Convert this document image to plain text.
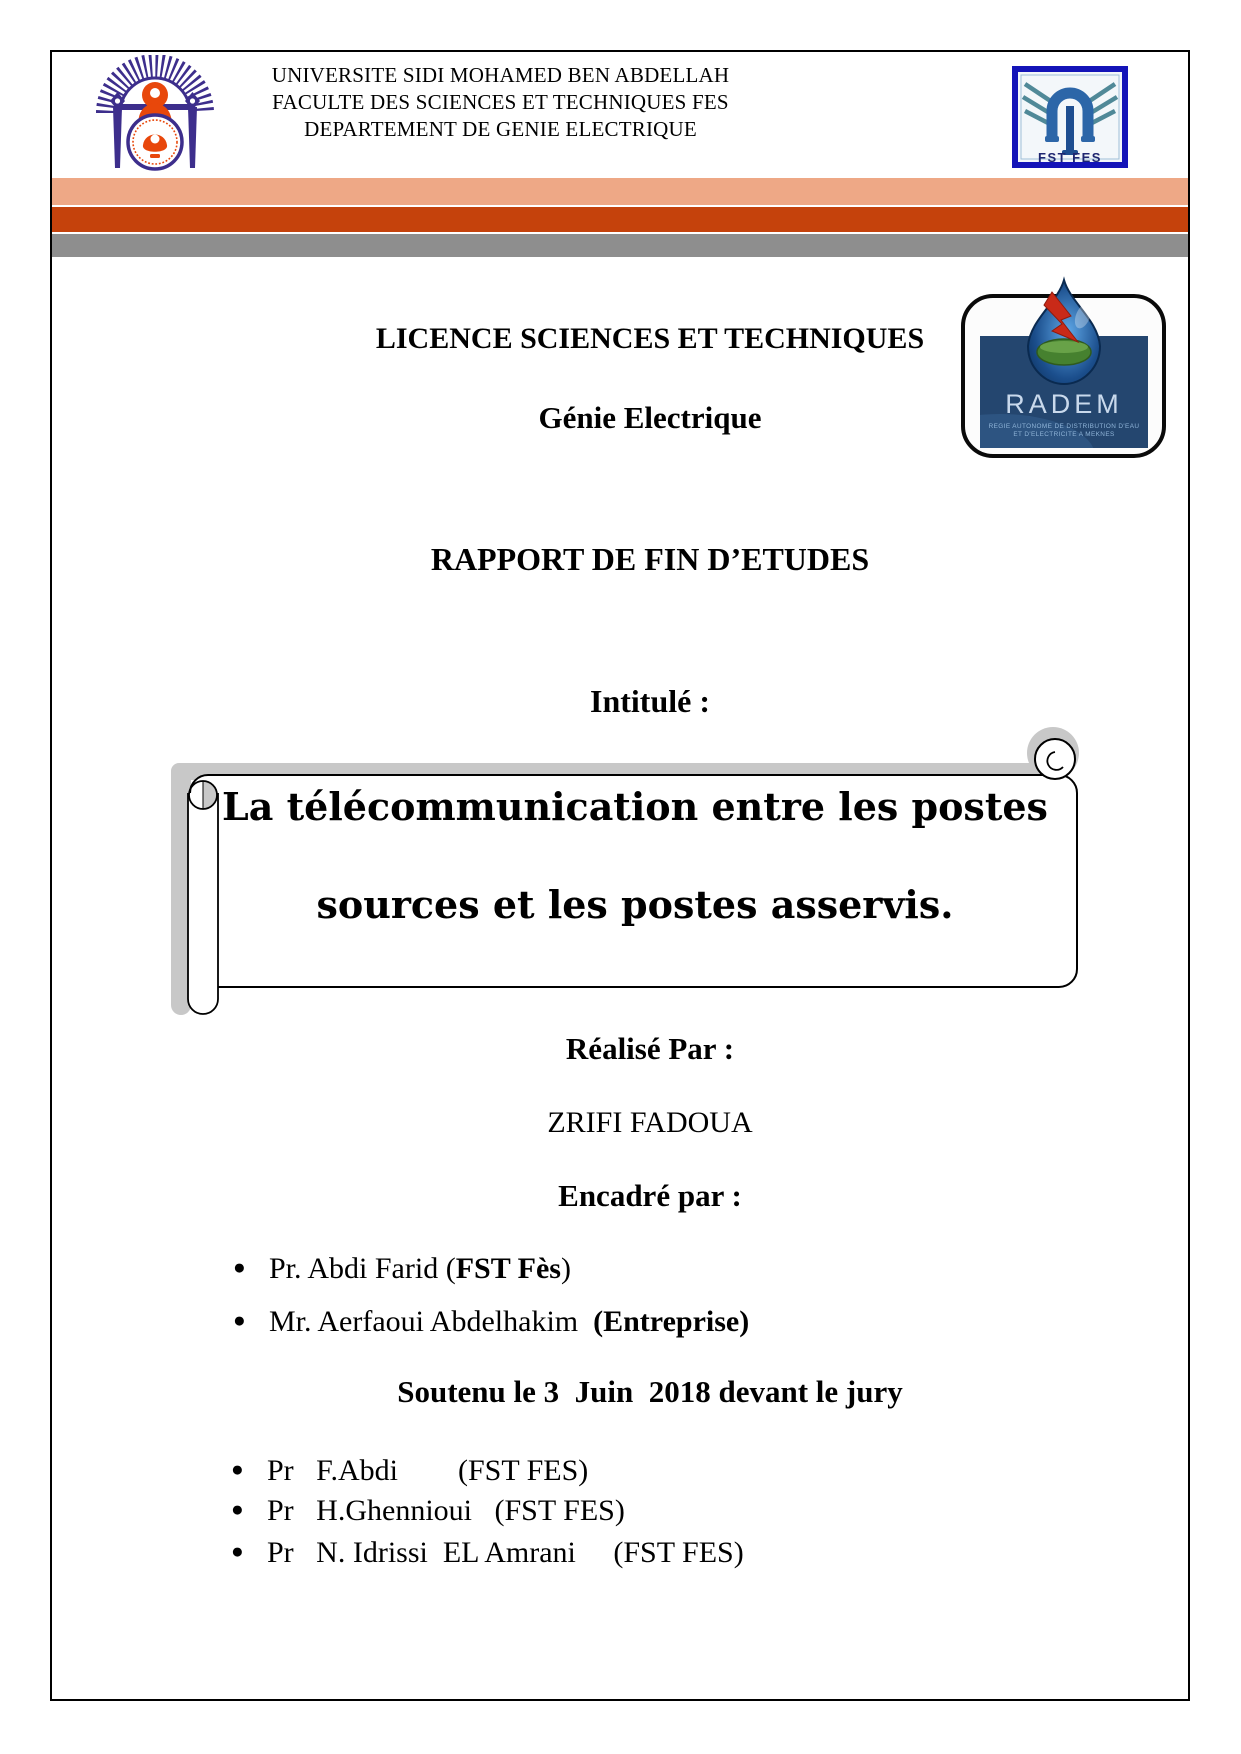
UNIVERSITE SIDI MOHAMED BEN ABDELLAH
FACULTE DES SCIENCES ET TECHNIQUES FES
DEPARTEMENT DE GENIE ELECTRIQUE
FST FES
LICENCE SCIENCES ET TECHNIQUES
Génie Electrique	RADEM
REGIE AUTONOME DE DISTRIBUTION D'EAU
ET D'ELECTRICITE A MEKNES
RAPPORT DE FIN D’ETUDES
Intitulé :
La télécommunication entre les postes
sources et les postes asservis.
Réalisé Par :
ZRIFI FADOUA
Encadré par :
● Pr. Abdi Farid ( FST Fès )
● Mr. Aerfaoui Abdelhakim (Entreprise)
Soutenu le 3  Juin  2018 devant le jury
● Pr   F.Abdi        (FST FES)
● Pr   H.Ghennioui   (FST FES)
● Pr   N. Idrissi  EL Amrani     (FST FES)
